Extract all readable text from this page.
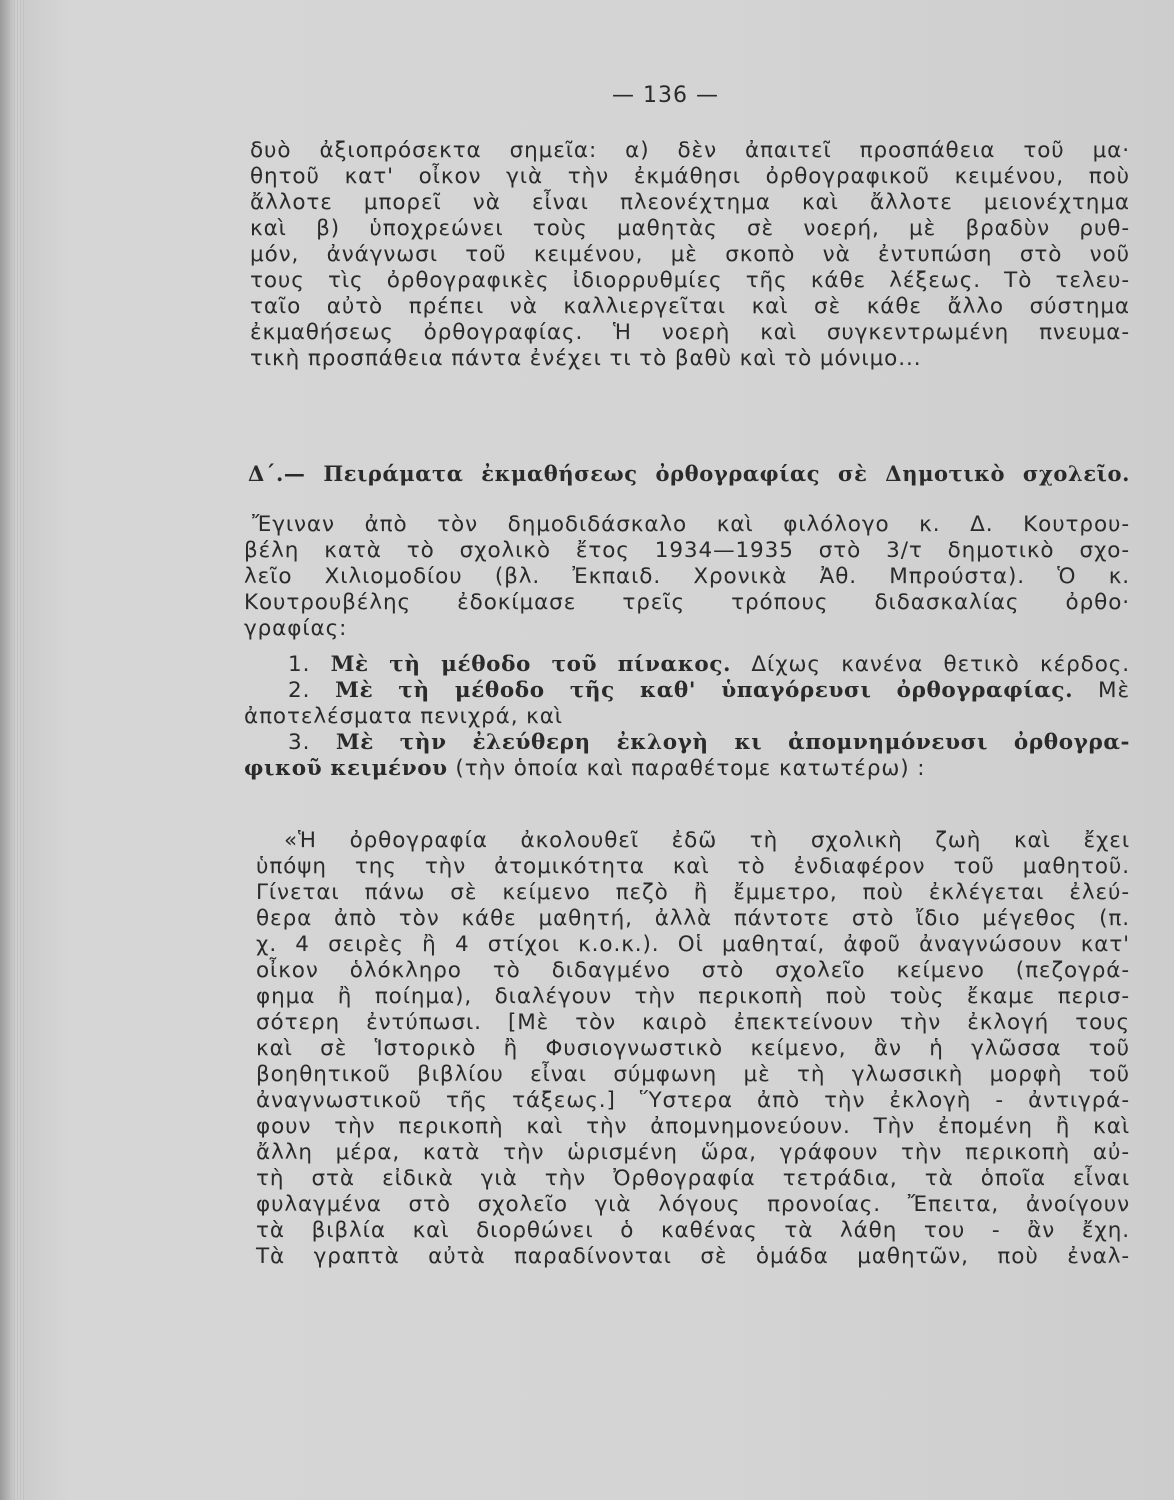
— 136 —
δυὸ ἀξιοπρόσεκτα σημεῖα: α) δὲν ἀπαιτεῖ προσπάθεια τοῦ μα·
θητοῦ κατ' οἶκον γιὰ τὴν ἐκμάθησι ὀρθογραφικοῦ κειμένου, ποὺ
ἄλλοτε μπορεῖ νὰ εἶναι πλεονέχτημα καὶ ἄλλοτε μειονέχτημα
καὶ β) ὑποχρεώνει τοὺς μαθητὰς σὲ νοερή, μὲ βραδὺν ρυθ-
μόν, ἀνάγνωσι τοῦ κειμένου, μὲ σκοπὸ νὰ ἐντυπώση στὸ νοῦ
τους τὶς ὀρθογραφικὲς ἰδιορρυθμίες τῆς κάθε λέξεως. Τὸ τελευ-
ταῖο αὐτὸ πρέπει νὰ καλλιεργεῖται καὶ σὲ κάθε ἄλλο σύστημα
ἐκμαθήσεως ὀρθογραφίας. Ἡ νοερὴ καὶ συγκεντρωμένη πνευμα-
τικὴ προσπάθεια πάντα ἐνέχει τι τὸ βαθὺ καὶ τὸ μόνιμο...
Δ΄.— Πειράματα ἐκμαθήσεως ὀρθογραφίας σὲ Δημοτικὸ σχολεῖο.
Ἔγιναν ἀπὸ τὸν δημοδιδάσκαλο καὶ φιλόλογο κ. Δ. Κουτρου-
βέλη κατὰ τὸ σχολικὸ ἔτος 1934—1935 στὸ 3/τ δημοτικὸ σχο-
λεῖο Χιλιομοδίου (βλ. Ἐκπαιδ. Χρονικὰ Ἀθ. Μπρούστα). Ὁ κ.
Κουτρουβέλης ἐδοκίμασε τρεῖς τρόπους διδασκαλίας ὀρθο·
γραφίας:
1. Μὲ τὴ μέθοδο τοῦ πίνακος. Δίχως κανένα θετικὸ κέρδος.
2. Μὲ τὴ μέθοδο τῆς καθ' ὑπαγόρευσι ὀρθογραφίας. Μὲ
ἀποτελέσματα πενιχρά, καὶ
3. Μὲ τὴν ἐλεύθερη ἐκλογὴ κι ἀπομνημόνευσι ὀρθογρα-
φικοῦ κειμένου (τὴν ὁποία καὶ παραθέτομε κατωτέρω) :
«Ἡ ὀρθογραφία ἀκολουθεῖ ἐδῶ τὴ σχολικὴ ζωὴ καὶ ἔχει
ὑπόψη της τὴν ἀτομικότητα καὶ τὸ ἐνδιαφέρον τοῦ μαθητοῦ.
Γίνεται πάνω σὲ κείμενο πεζὸ ἢ ἔμμετρο, ποὺ ἐκλέγεται ἐλεύ-
θερα ἀπὸ τὸν κάθε μαθητή, ἀλλὰ πάντοτε στὸ ἴδιο μέγεθος (π.
χ. 4 σειρὲς ἢ 4 στίχοι κ.ο.κ.). Οἱ μαθηταί, ἀφοῦ ἀναγνώσουν κατ'
οἶκον ὁλόκληρο τὸ διδαγμένο στὸ σχολεῖο κείμενο (πεζογρά-
φημα ἢ ποίημα), διαλέγουν τὴν περικοπὴ ποὺ τοὺς ἔκαμε περισ-
σότερη ἐντύπωσι. [Μὲ τὸν καιρὸ ἐπεκτείνουν τὴν ἐκλογή τους
καὶ σὲ Ἱστορικὸ ἢ Φυσιογνωστικὸ κείμενο, ἂν ἡ γλῶσσα τοῦ
βοηθητικοῦ βιβλίου εἶναι σύμφωνη μὲ τὴ γλωσσικὴ μορφὴ τοῦ
ἀναγνωστικοῦ τῆς τάξεως.] Ὕστερα ἀπὸ τὴν ἐκλογὴ - ἀντιγρά-
φουν τὴν περικοπὴ καὶ τὴν ἀπομνημονεύουν. Τὴν ἐπομένη ἢ καὶ
ἄλλη μέρα, κατὰ τὴν ὡρισμένη ὥρα, γράφουν τὴν περικοπὴ αὐ-
τὴ στὰ εἰδικὰ γιὰ τὴν Ὀρθογραφία τετράδια, τὰ ὁποῖα εἶναι
φυλαγμένα στὸ σχολεῖο γιὰ λόγους προνοίας. Ἔπειτα, ἀνοίγουν
τὰ βιβλία καὶ διορθώνει ὁ καθένας τὰ λάθη του - ἂν ἔχη.
Τὰ γραπτὰ αὐτὰ παραδίνονται σὲ ὁμάδα μαθητῶν, ποὺ ἐναλ-
